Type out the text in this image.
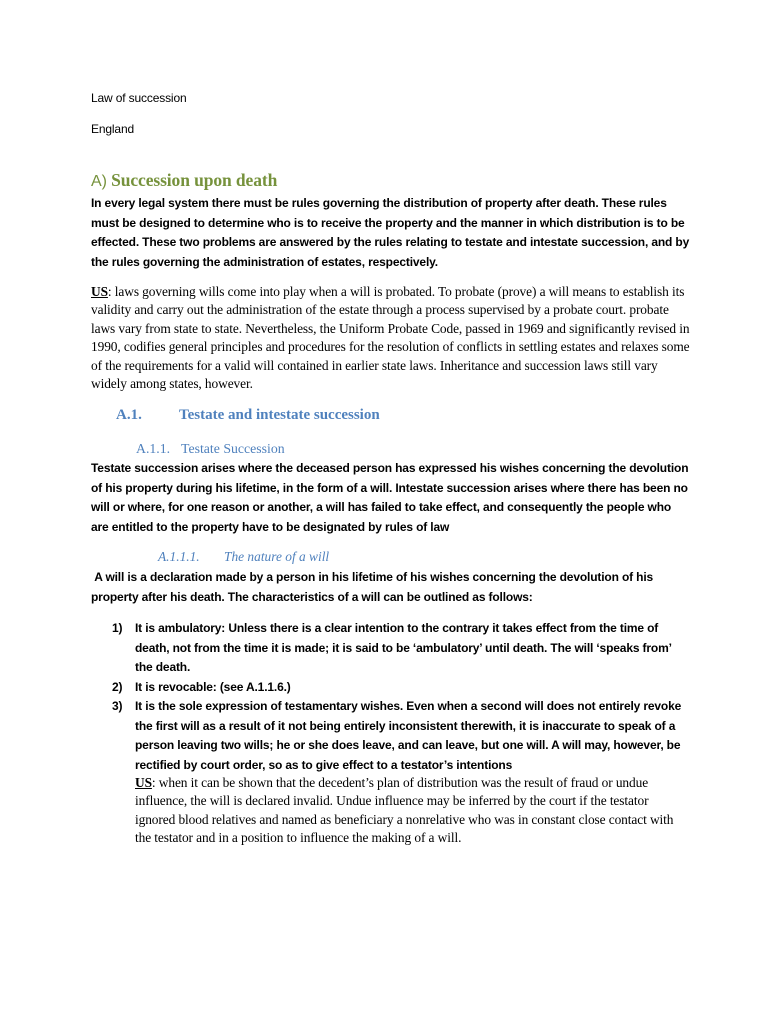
Law of succession
England
A) Succession upon death
In every legal system there must be rules governing the distribution of property after death. These rules must be designed to determine who is to receive the property and the manner in which distribution is to be effected. These two problems are answered by the rules relating to testate and intestate succession, and by the rules governing the administration of estates, respectively.
US: laws governing wills come into play when a will is probated. To probate (prove) a will means to establish its validity and carry out the administration of the estate through a process supervised by a probate court. probate laws vary from state to state. Nevertheless, the Uniform Probate Code, passed in 1969 and significantly revised in 1990, codifies general principles and procedures for the resolution of conflicts in settling estates and relaxes some of the requirements for a valid will contained in earlier state laws. Inheritance and succession laws still vary widely among states, however.
A.1. Testate and intestate succession
A.1.1. Testate Succession
Testate succession arises where the deceased person has expressed his wishes concerning the devolution of his property during his lifetime, in the form of a will. Intestate succession arises where there has been no will or where, for one reason or another, a will has failed to take effect, and consequently the people who are entitled to the property have to be designated by rules of law
A.1.1.1. The nature of a will
A will is a declaration made by a person in his lifetime of his wishes concerning the devolution of his property after his death. The characteristics of a will can be outlined as follows:
1) It is ambulatory: Unless there is a clear intention to the contrary it takes effect from the time of death, not from the time it is made; it is said to be ‘ambulatory’ until death. The will ‘speaks from’ the death.
2) It is revocable: (see A.1.1.6.)
3) It is the sole expression of testamentary wishes. Even when a second will does not entirely revoke the first will as a result of it not being entirely inconsistent therewith, it is inaccurate to speak of a person leaving two wills; he or she does leave, and can leave, but one will. A will may, however, be rectified by court order, so as to give effect to a testator’s intentions
US: when it can be shown that the decedent’s plan of distribution was the result of fraud or undue influence, the will is declared invalid. Undue influence may be inferred by the court if the testator ignored blood relatives and named as beneficiary a nonrelative who was in constant close contact with the testator and in a position to influence the making of a will.
